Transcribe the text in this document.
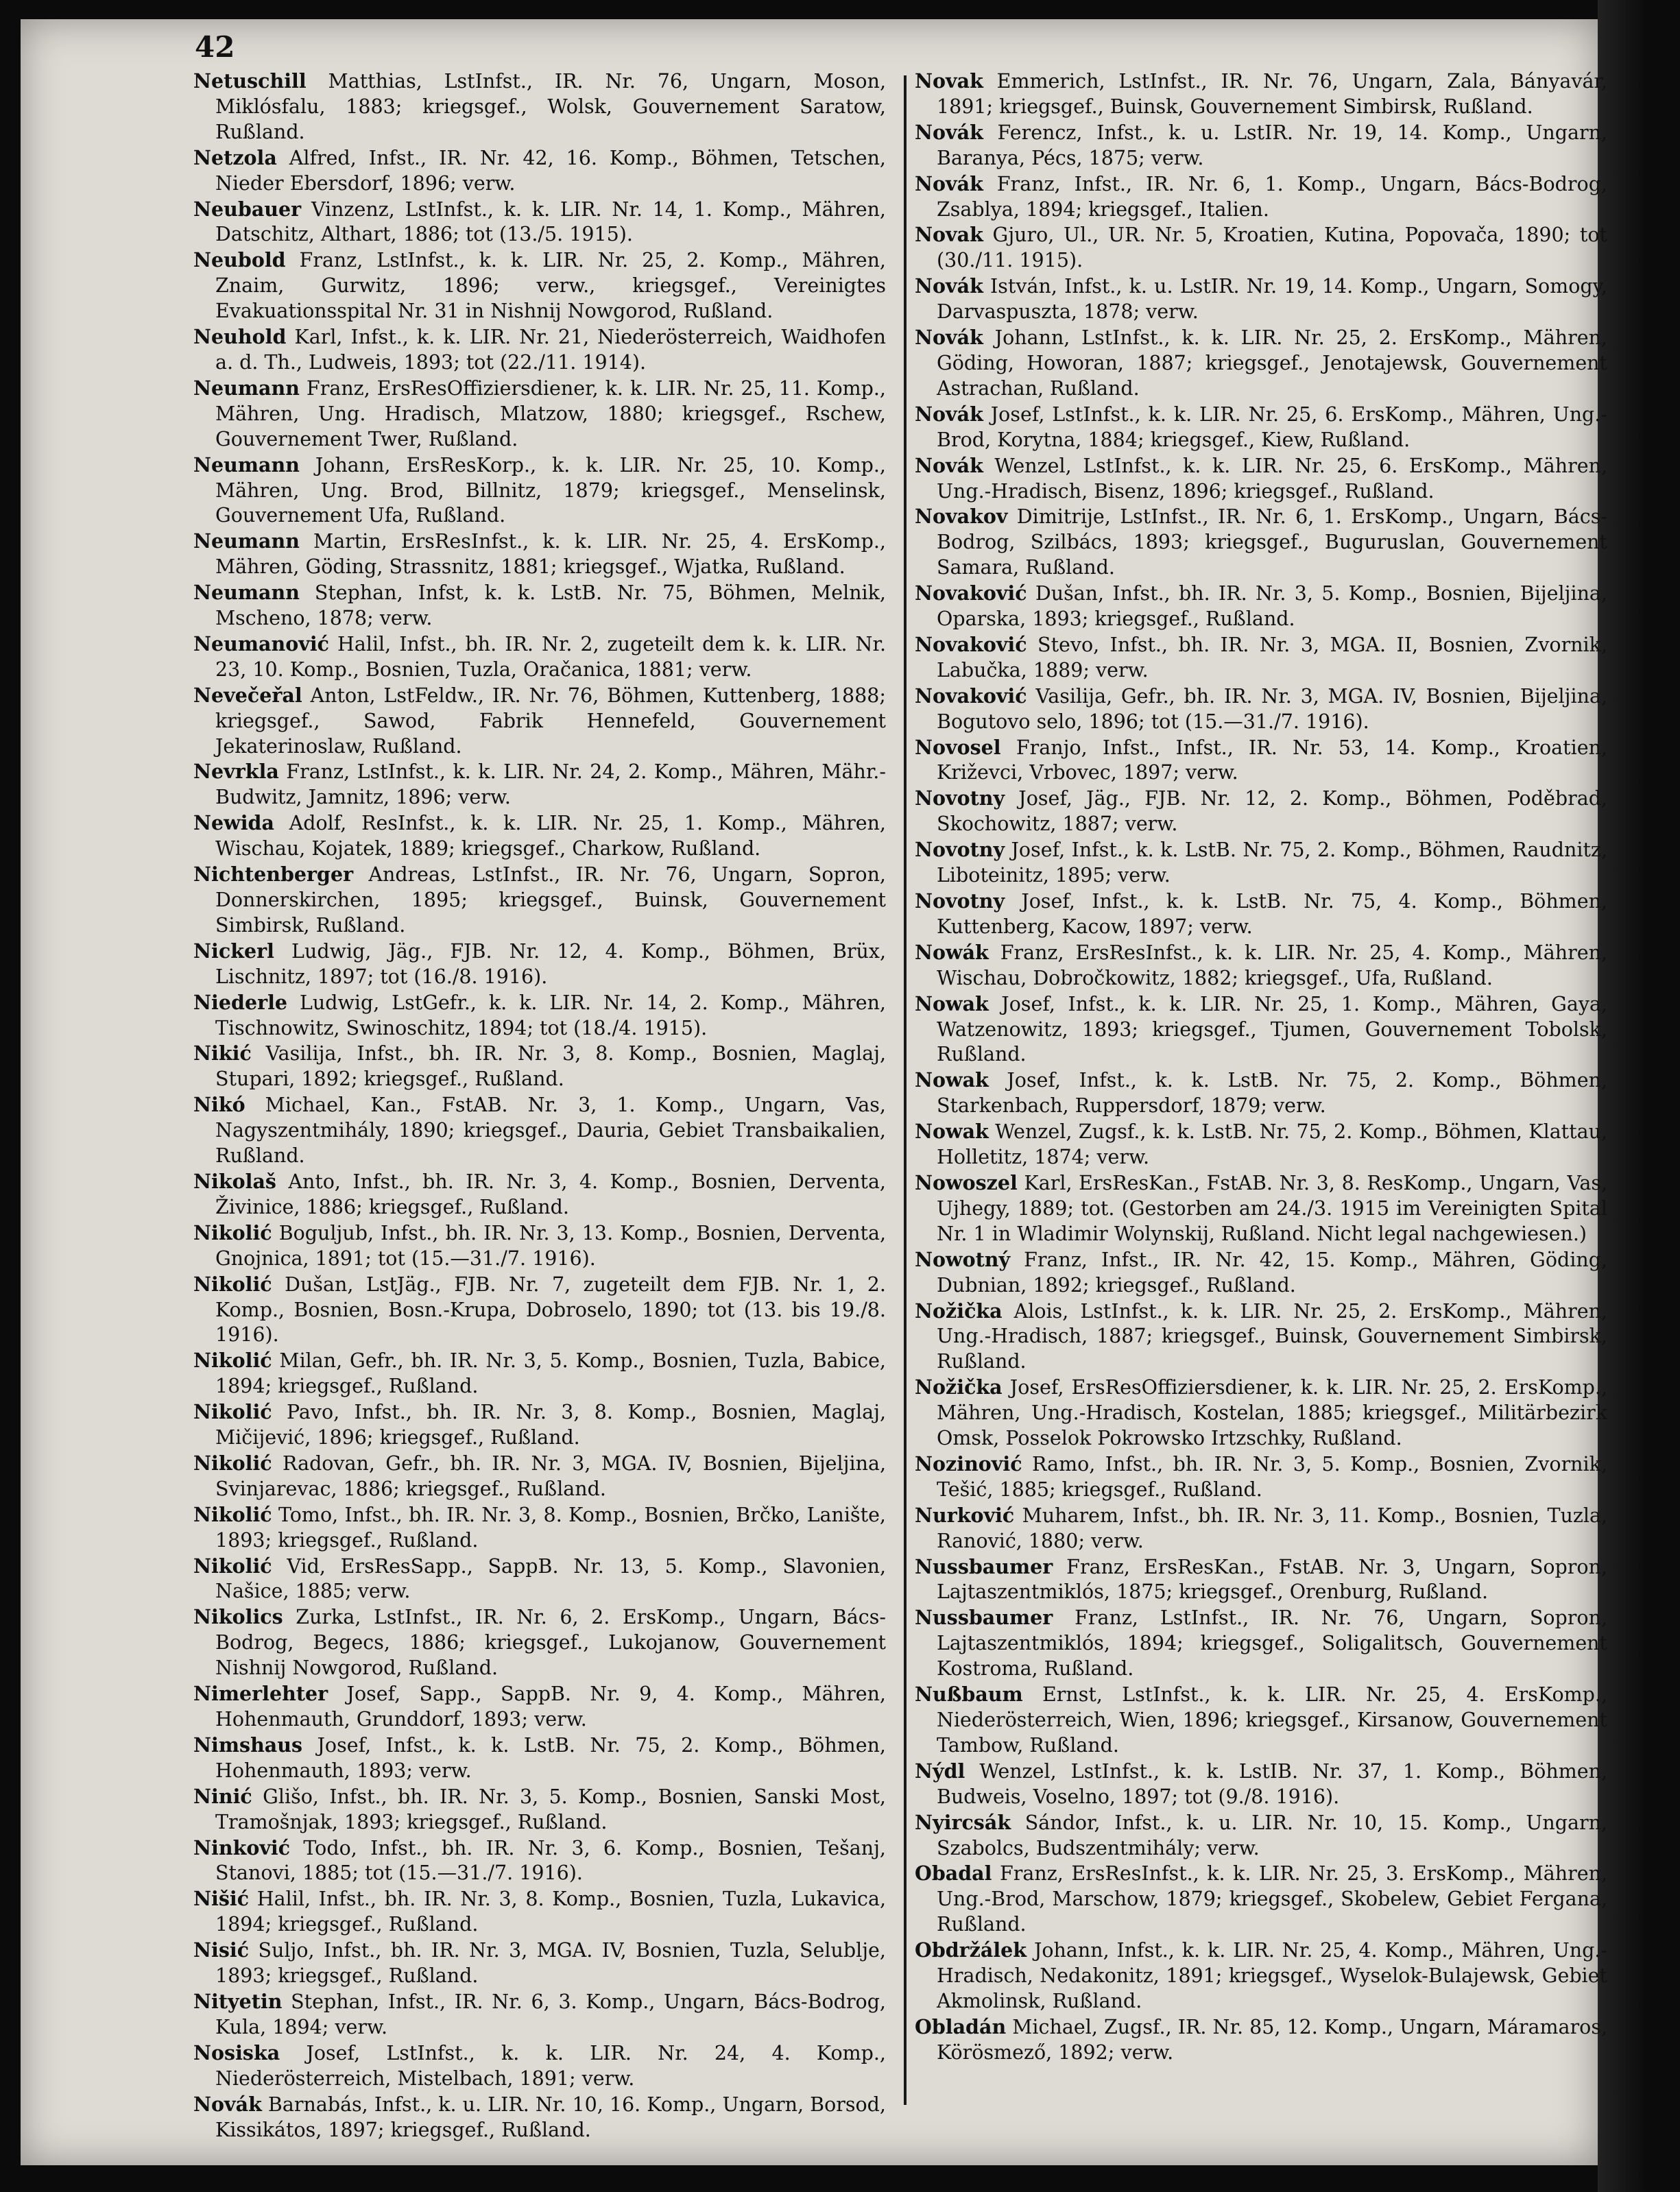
42

Netuschill Matthias, LstInfst., IR. Nr. 76, Ungarn, Moson, Miklósfalu, 1883; kriegsgef., Wolsk, Gouvernement Saratow, Rußland.

Netzola Alfred, Infst., IR. Nr. 42, 16. Komp., Böhmen, Tetschen, Nieder Ebersdorf, 1896; verw.

Neubauer Vinzenz, LstInfst., k. k. LIR. Nr. 14, 1. Komp., Mähren, Datschitz, Althart, 1886; tot (13./5. 1915).

Neubold Franz, LstInfst., k. k. LIR. Nr. 25, 2. Komp., Mähren, Znaim, Gurwitz, 1896; verw., kriegsgef., Vereinigtes Evakuationsspital Nr. 31 in Nishnij Nowgorod, Rußland.

Neuhold Karl, Infst., k. k. LIR. Nr. 21, Niederösterreich, Waidhofen a. d. Th., Ludweis, 1893; tot (22./11. 1914).

Neumann Franz, ErsResOffiziersdiener, k. k. LIR. Nr. 25, 11. Komp., Mähren, Ung. Hradisch, Mlatzow, 1880; kriegsgef., Rschew, Gouvernement Twer, Rußland.

Neumann Johann, ErsResKorp., k. k. LIR. Nr. 25, 10. Komp., Mähren, Ung. Brod, Billnitz, 1879; kriegsgef., Menselinsk, Gouvernement Ufa, Rußland.

Neumann Martin, ErsResInfst., k. k. LIR. Nr. 25, 4. ErsKomp., Mähren, Göding, Strassnitz, 1881; kriegsgef., Wjatka, Rußland.

Neumann Stephan, Infst, k. k. LstB. Nr. 75, Böhmen, Melnik, Mscheno, 1878; verw.

Neumanović Halil, Infst., bh. IR. Nr. 2, zugeteilt dem k. k. LIR. Nr. 23, 10. Komp., Bosnien, Tuzla, Oračanica, 1881; verw.

Nevečeřal Anton, LstFeldw., IR. Nr. 76, Böhmen, Kuttenberg, 1888; kriegsgef., Sawod, Fabrik Hennefeld, Gouvernement Jekaterinoslaw, Rußland.

Nevrkla Franz, LstInfst., k. k. LIR. Nr. 24, 2. Komp., Mähren, Mähr.-Budwitz, Jamnitz, 1896; verw.

Newida Adolf, ResInfst., k. k. LIR. Nr. 25, 1. Komp., Mähren, Wischau, Kojatek, 1889; kriegsgef., Charkow, Rußland.

Nichtenberger Andreas, LstInfst., IR. Nr. 76, Ungarn, Sopron, Donnerskirchen, 1895; kriegsgef., Buinsk, Gouvernement Simbirsk, Rußland.

Nickerl Ludwig, Jäg., FJB. Nr. 12, 4. Komp., Böhmen, Brüx, Lischnitz, 1897; tot (16./8. 1916).

Niederle Ludwig, LstGefr., k. k. LIR. Nr. 14, 2. Komp., Mähren, Tischnowitz, Swinoschitz, 1894; tot (18./4. 1915).

Nikić Vasilija, Infst., bh. IR. Nr. 3, 8. Komp., Bosnien, Maglaj, Stupari, 1892; kriegsgef., Rußland.

Nikó Michael, Kan., FstAB. Nr. 3, 1. Komp., Ungarn, Vas, Nagyszentmihály, 1890; kriegsgef., Dauria, Gebiet Transbaikalien, Rußland.

Nikolaš Anto, Infst., bh. IR. Nr. 3, 4. Komp., Bosnien, Derventa, Živinice, 1886; kriegsgef., Rußland.

Nikolić Boguljub, Infst., bh. IR. Nr. 3, 13. Komp., Bosnien, Derventa, Gnojnica, 1891; tot (15.—31./7. 1916).

Nikolić Dušan, LstJäg., FJB. Nr. 7, zugeteilt dem FJB. Nr. 1, 2. Komp., Bosnien, Bosn.-Krupa, Dobroselo, 1890; tot (13. bis 19./8. 1916).

Nikolić Milan, Gefr., bh. IR. Nr. 3, 5. Komp., Bosnien, Tuzla, Babice, 1894; kriegsgef., Rußland.

Nikolić Pavo, Infst., bh. IR. Nr. 3, 8. Komp., Bosnien, Maglaj, Mičijević, 1896; kriegsgef., Rußland.

Nikolić Radovan, Gefr., bh. IR. Nr. 3, MGA. IV, Bosnien, Bijeljina, Svinjarevac, 1886; kriegsgef., Rußland.

Nikolić Tomo, Infst., bh. IR. Nr. 3, 8. Komp., Bosnien, Brčko, Lanište, 1893; kriegsgef., Rußland.

Nikolić Vid, ErsResSapp., SappB. Nr. 13, 5. Komp., Slavonien, Našice, 1885; verw.

Nikolics Zurka, LstInfst., IR. Nr. 6, 2. ErsKomp., Ungarn, Bács-Bodrog, Begecs, 1886; kriegsgef., Lukojanow, Gouvernement Nishnij Nowgorod, Rußland.

Nimerlehter Josef, Sapp., SappB. Nr. 9, 4. Komp., Mähren, Hohenmauth, Grunddorf, 1893; verw.

Nimshaus Josef, Infst., k. k. LstB. Nr. 75, 2. Komp., Böhmen, Hohenmauth, 1893; verw.

Ninić Glišo, Infst., bh. IR. Nr. 3, 5. Komp., Bosnien, Sanski Most, Tramošnjak, 1893; kriegsgef., Rußland.

Ninković Todo, Infst., bh. IR. Nr. 3, 6. Komp., Bosnien, Tešanj, Stanovi, 1885; tot (15.—31./7. 1916).

Nišić Halil, Infst., bh. IR. Nr. 3, 8. Komp., Bosnien, Tuzla, Lukavica, 1894; kriegsgef., Rußland.

Nisić Suljo, Infst., bh. IR. Nr. 3, MGA. IV, Bosnien, Tuzla, Selublje, 1893; kriegsgef., Rußland.

Nityetin Stephan, Infst., IR. Nr. 6, 3. Komp., Ungarn, Bács-Bodrog, Kula, 1894; verw.

Nosiska Josef, LstInfst., k. k. LIR. Nr. 24, 4. Komp., Niederösterreich, Mistelbach, 1891; verw.

Novák Barnabás, Infst., k. u. LIR. Nr. 10, 16. Komp., Ungarn, Borsod, Kissikátos, 1897; kriegsgef., Rußland.

Novak Emmerich, LstInfst., IR. Nr. 76, Ungarn, Zala, Bányavár, 1891; kriegsgef., Buinsk, Gouvernement Simbirsk, Rußland.

Novák Ferencz, Infst., k. u. LstIR. Nr. 19, 14. Komp., Ungarn, Baranya, Pécs, 1875; verw.

Novák Franz, Infst., IR. Nr. 6, 1. Komp., Ungarn, Bács-Bodrog, Zsablya, 1894; kriegsgef., Italien.

Novak Gjuro, Ul., UR. Nr. 5, Kroatien, Kutina, Popovača, 1890; tot (30./11. 1915).

Novák István, Infst., k. u. LstIR. Nr. 19, 14. Komp., Ungarn, Somogy, Darvaspuszta, 1878; verw.

Novák Johann, LstInfst., k. k. LIR. Nr. 25, 2. ErsKomp., Mähren, Göding, Howoran, 1887; kriegsgef., Jenotajewsk, Gouvernement Astrachan, Rußland.

Novák Josef, LstInfst., k. k. LIR. Nr. 25, 6. ErsKomp., Mähren, Ung.-Brod, Korytna, 1884; kriegsgef., Kiew, Rußland.

Novák Wenzel, LstInfst., k. k. LIR. Nr. 25, 6. ErsKomp., Mähren, Ung.-Hradisch, Bisenz, 1896; kriegsgef., Rußland.

Novakov Dimitrije, LstInfst., IR. Nr. 6, 1. ErsKomp., Ungarn, Bács-Bodrog, Szilbács, 1893; kriegsgef., Buguruslan, Gouvernement Samara, Rußland.

Novaković Dušan, Infst., bh. IR. Nr. 3, 5. Komp., Bosnien, Bijeljina, Oparska, 1893; kriegsgef., Rußland.

Novaković Stevo, Infst., bh. IR. Nr. 3, MGA. II, Bosnien, Zvornik, Labučka, 1889; verw.

Novaković Vasilija, Gefr., bh. IR. Nr. 3, MGA. IV, Bosnien, Bijeljina, Bogutovo selo, 1896; tot (15.—31./7. 1916).

Novosel Franjo, Infst., Infst., IR. Nr. 53, 14. Komp., Kroatien, Križevci, Vrbovec, 1897; verw.

Novotny Josef, Jäg., FJB. Nr. 12, 2. Komp., Böhmen, Poděbrad, Skochowitz, 1887; verw.

Novotny Josef, Infst., k. k. LstB. Nr. 75, 2. Komp., Böhmen, Raudnitz, Liboteinitz, 1895; verw.

Novotny Josef, Infst., k. k. LstB. Nr. 75, 4. Komp., Böhmen, Kuttenberg, Kacow, 1897; verw.

Nowák Franz, ErsResInfst., k. k. LIR. Nr. 25, 4. Komp., Mähren, Wischau, Dobročkowitz, 1882; kriegsgef., Ufa, Rußland.

Nowak Josef, Infst., k. k. LIR. Nr. 25, 1. Komp., Mähren, Gaya, Watzenowitz, 1893; kriegsgef., Tjumen, Gouvernement Tobolsk, Rußland.

Nowak Josef, Infst., k. k. LstB. Nr. 75, 2. Komp., Böhmen, Starkenbach, Ruppersdorf, 1879; verw.

Nowak Wenzel, Zugsf., k. k. LstB. Nr. 75, 2. Komp., Böhmen, Klattau, Holletitz, 1874; verw.

Nowoszel Karl, ErsResKan., FstAB. Nr. 3, 8. ResKomp., Ungarn, Vas, Ujhegy, 1889; tot. (Gestorben am 24./3. 1915 im Vereinigten Spital Nr. 1 in Wladimir Wolynskij, Rußland. Nicht legal nachgewiesen.)

Nowotný Franz, Infst., IR. Nr. 42, 15. Komp., Mähren, Göding, Dubnian, 1892; kriegsgef., Rußland.

Nožička Alois, LstInfst., k. k. LIR. Nr. 25, 2. ErsKomp., Mähren, Ung.-Hradisch, 1887; kriegsgef., Buinsk, Gouvernement Simbirsk, Rußland.

Nožička Josef, ErsResOffiziersdiener, k. k. LIR. Nr. 25, 2. ErsKomp., Mähren, Ung.-Hradisch, Kostelan, 1885; kriegsgef., Militärbezirk Omsk, Posselok Pokrowsko Irtzschky, Rußland.

Nozinović Ramo, Infst., bh. IR. Nr. 3, 5. Komp., Bosnien, Zvornik, Tešić, 1885; kriegsgef., Rußland.

Nurković Muharem, Infst., bh. IR. Nr. 3, 11. Komp., Bosnien, Tuzla, Ranović, 1880; verw.

Nussbaumer Franz, ErsResKan., FstAB. Nr. 3, Ungarn, Sopron, Lajtaszentmiklós, 1875; kriegsgef., Orenburg, Rußland.

Nussbaumer Franz, LstInfst., IR. Nr. 76, Ungarn, Sopron, Lajtaszentmiklós, 1894; kriegsgef., Soligalitsch, Gouvernement Kostroma, Rußland.

Nußbaum Ernst, LstInfst., k. k. LIR. Nr. 25, 4. ErsKomp., Niederösterreich, Wien, 1896; kriegsgef., Kirsanow, Gouvernement Tambow, Rußland.

Nýdl Wenzel, LstInfst., k. k. LstIB. Nr. 37, 1. Komp., Böhmen, Budweis, Voselno, 1897; tot (9./8. 1916).

Nyircsák Sándor, Infst., k. u. LIR. Nr. 10, 15. Komp., Ungarn, Szabolcs, Budszentmihály; verw.

Obadal Franz, ErsResInfst., k. k. LIR. Nr. 25, 3. ErsKomp., Mähren, Ung.-Brod, Marschow, 1879; kriegsgef., Skobelew, Gebiet Fergana, Rußland.

Obdržálek Johann, Infst., k. k. LIR. Nr. 25, 4. Komp., Mähren, Ung.-Hradisch, Nedakonitz, 1891; kriegsgef., Wyselok-Bulajewsk, Gebiet Akmolinsk, Rußland.

Obladán Michael, Zugsf., IR. Nr. 85, 12. Komp., Ungarn, Máramaros, Körösmező, 1892; verw.
